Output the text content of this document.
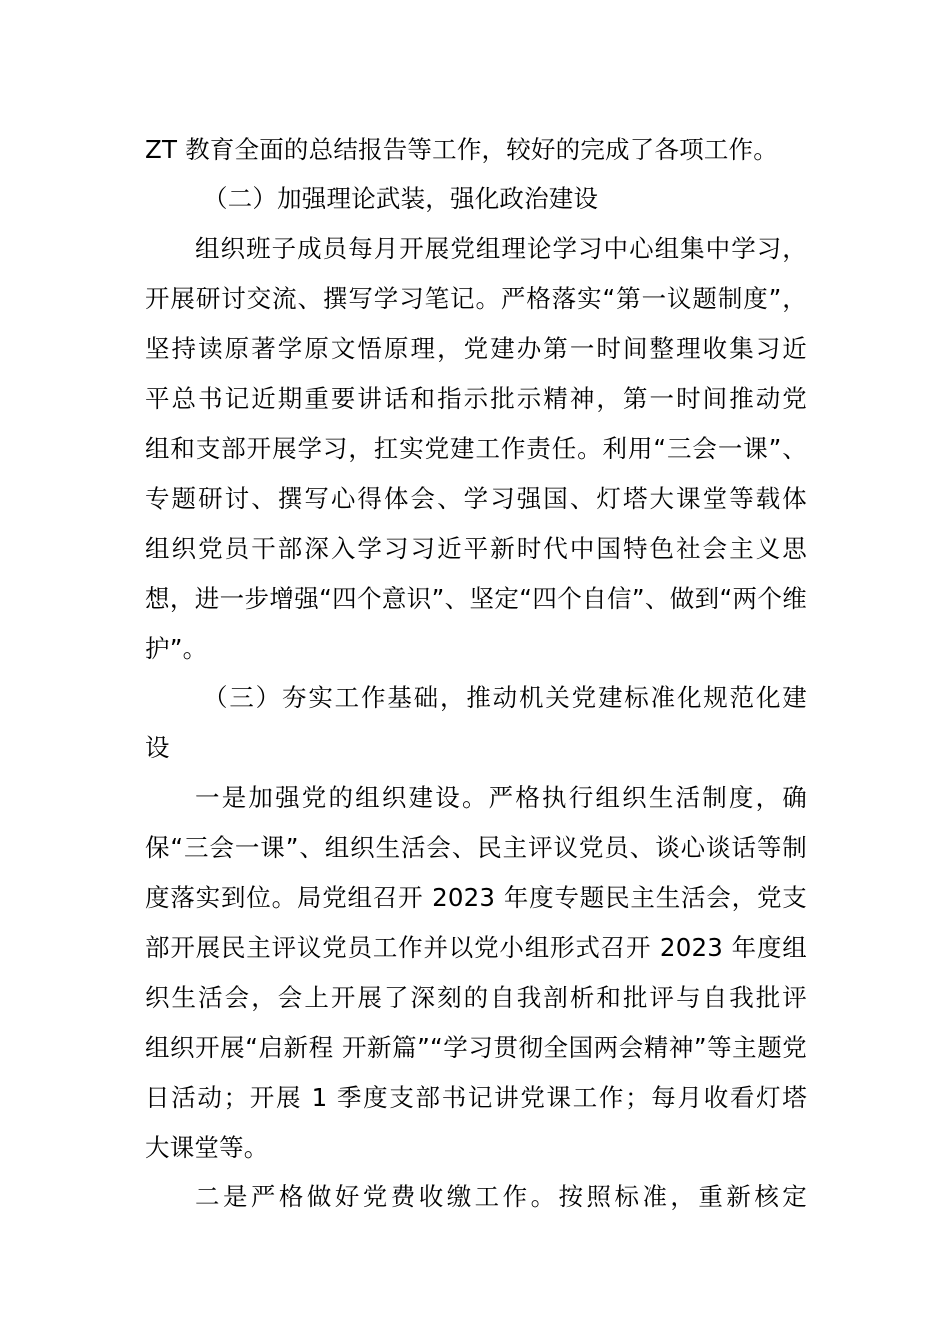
ZT 教育全面的总结报告等工作，较好的完成了各项工作。
（二）加强理论武装，强化政治建设
组织班子成员每月开展党组理论学习中心组集中学习，
开展研讨交流、撰写学习笔记。严格落实“第一议题制度”，
坚持读原著学原文悟原理，党建办第一时间整理收集习近
平总书记近期重要讲话和指示批示精神，第一时间推动党
组和支部开展学习，扛实党建工作责任。利用“三会一课”、
专题研讨、撰写心得体会、学习强国、灯塔大课堂等载体
组织党员干部深入学习习近平新时代中国特色社会主义思
想，进一步增强“四个意识”、坚定“四个自信”、做到“两个维
护”。
（三）夯实工作基础，推动机关党建标准化规范化建
设
一是加强党的组织建设。严格执行组织生活制度，确
保“三会一课”、组织生活会、民主评议党员、谈心谈话等制
度落实到位。局党组召开 2023 年度专题民主生活会，党支
部开展民主评议党员工作并以党小组形式召开 2023 年度组
织生活会，会上开展了深刻的自我剖析和批评与自我批评
组织开展“启新程 开新篇”“学习贯彻全国两会精神”等主题党
日活动；开展 1 季度支部书记讲党课工作；每月收看灯塔
大课堂等。
二是严格做好党费收缴工作。按照标准，重新核定
